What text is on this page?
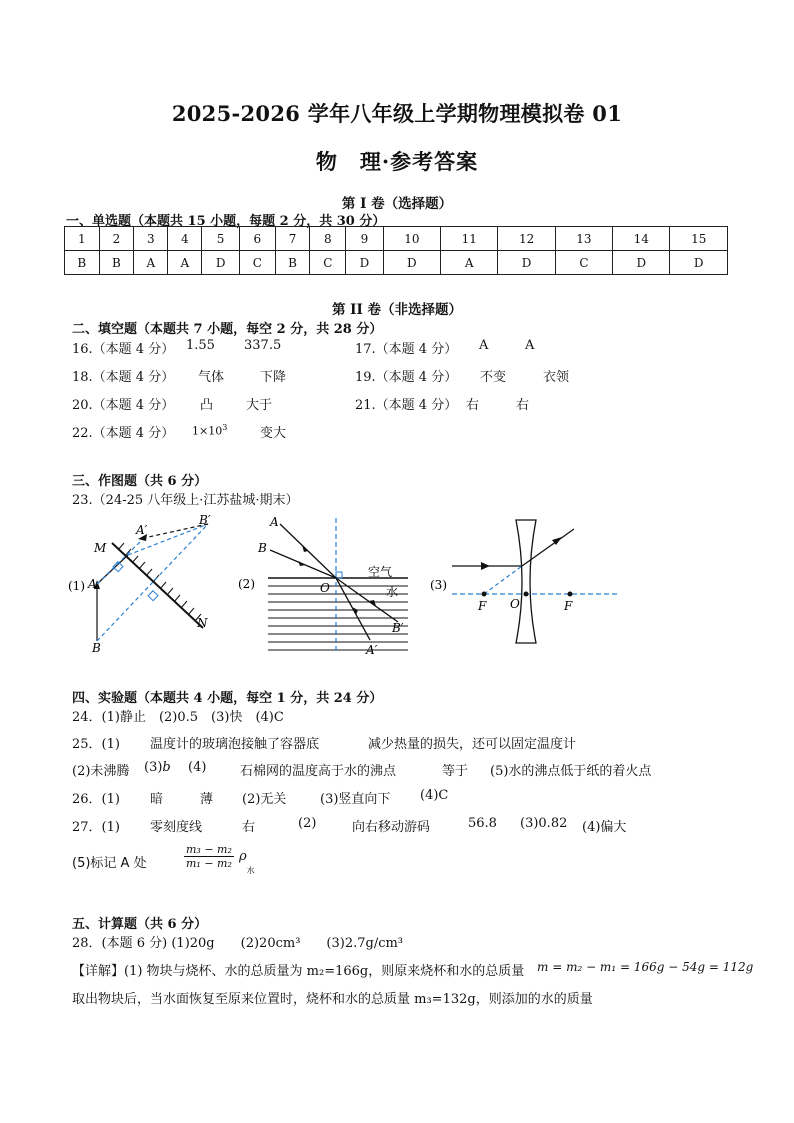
2025-2026 学年八年级上学期物理模拟卷 01
物　理·参考答案
第 I 卷（选择题）
一、单选题（本题共 15 小题，每题 2 分，共 30 分）
1	2	3	4	5	6	7	8	9	10	11	12	13	14	15
B	B	A	A	D	C	B	C	D	D	A	D	C	D	D
第 II 卷（非选择题）
二、填空题（本题共 7 小题，每空 2 分，共 28 分）
16.（本题 4 分） 1.55 337.5	17.（本题 4 分） A	A
18.（本题 4 分） 气体	下降	19.（本题 4 分） 不变	衣领
20.（本题 4 分） 凸	大于	21.（本题 4 分） 右	右
22.（本题 4 分） $1\times 10^3$	变大
三、作图题（共 6 分）
23.（24-25 八年级上·江苏盐城·期末）
(1) A
A′
B′
B
M
N
(2)
A
B
O
空气
水
B′
A′
(3)
F O	F
四、实验题（本题共 4 小题，每空 1 分，共 24 分）
24．(1)静止　(2)0.5　(3)快　(4)C
25．(1) 温度计的玻璃泡接触了容器底	减少热量的损失，还可以固定温度计
(2)未沸腾 (3)b (4)	石棉网的温度高于水的沸点	等于 (5)水的沸点低于纸的着火点
26．(1) 暗	薄 (2)无关	(3)竖直向下 (4)C
27．(1) 零刻度线	右	(2)	向右移动游码	56.8 (3)0.82 (4)偏大
(5)标记 A 处	$\frac{\text{m₃ − m₂}}{\text{m₁ − m₂}} \rho_水$
五、计算题（共 6 分）
28．(本题 6 分) (1)20g　　(2)20cm³　　(3)2.7g/cm³
【详解】(1) 物块与烧杯、水的总质量为 m₂=166g，则原来烧杯和水的总质量 m = m₂ − m₁ = 166g − 54g = 112g
取出物块后，当水面恢复至原来位置时，烧杯和水的总质量 m₃=132g，则添加的水的质量
